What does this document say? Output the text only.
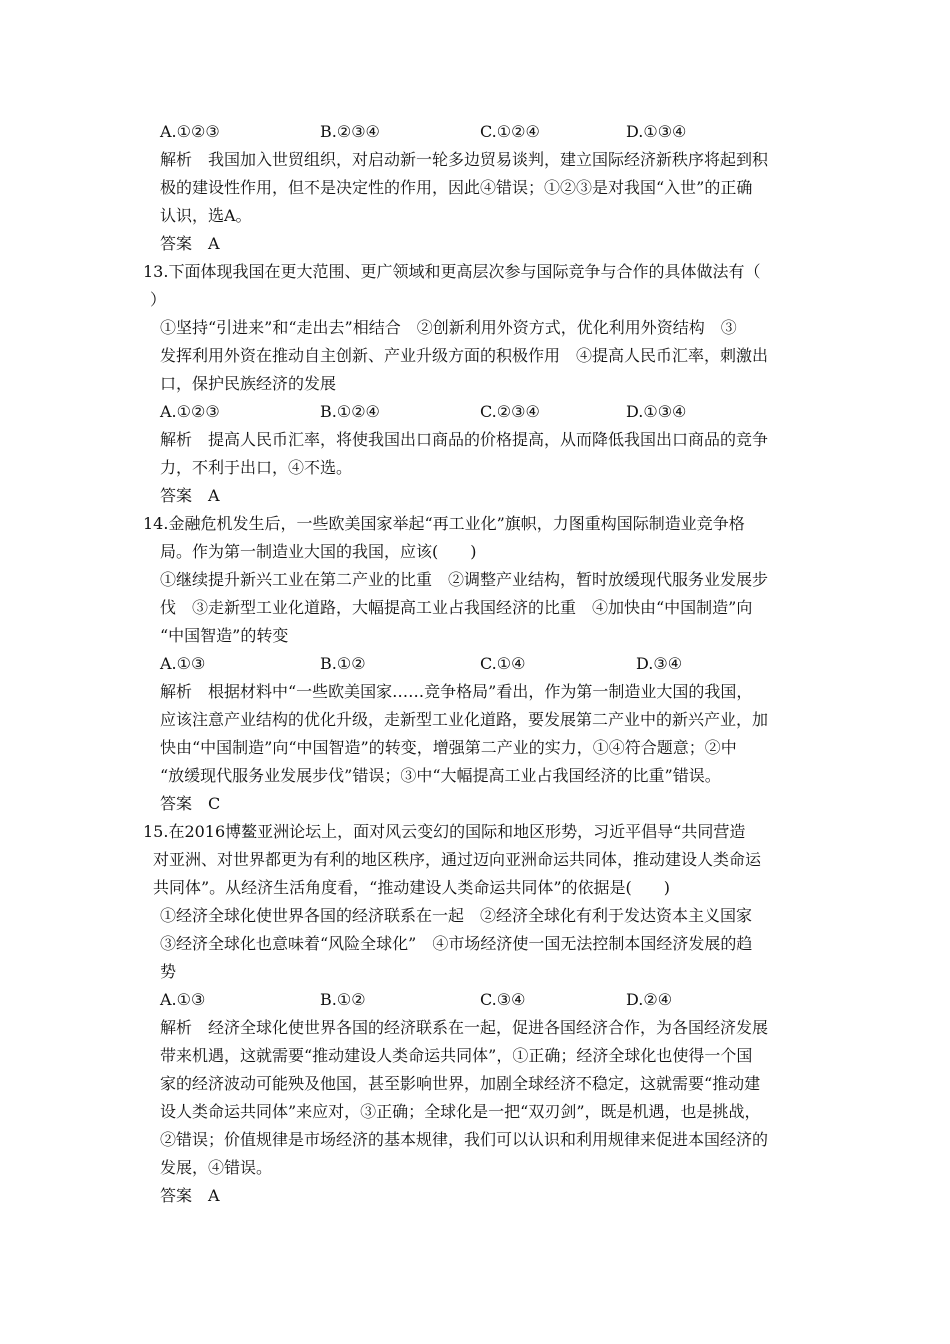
A.①②③	B.②③④	C.①②④	D.①③④
解析　我国加入世贸组织，对启动新一轮多边贸易谈判，建立国际经济新秩序将起到积
极的建设性作用，但不是决定性的作用，因此④错误；①②③是对我国“入世”的正确
认识，选A。
答案　A
13.下面体现我国在更大范围、更广领域和更高层次参与国际竞争与合作的具体做法有（
）
①坚持“引进来”和“走出去”相结合　②创新利用外资方式，优化利用外资结构　③
发挥利用外资在推动自主创新、产业升级方面的积极作用　④提高人民币汇率，刺激出
口，保护民族经济的发展
A.①②③	B.①②④	C.②③④	D.①③④
解析　提高人民币汇率，将使我国出口商品的价格提高，从而降低我国出口商品的竞争
力，不利于出口，④不选。
答案　A
14.金融危机发生后，一些欧美国家举起“再工业化”旗帜，力图重构国际制造业竞争格
局。作为第一制造业大国的我国，应该(　　)
①继续提升新兴工业在第二产业的比重　②调整产业结构，暂时放缓现代服务业发展步
伐　③走新型工业化道路，大幅提高工业占我国经济的比重　④加快由“中国制造”向
“中国智造”的转变
A.①③	B.①②	C.①④	D.③④
解析　根据材料中“一些欧美国家……竞争格局”看出，作为第一制造业大国的我国，
应该注意产业结构的优化升级，走新型工业化道路，要发展第二产业中的新兴产业，加
快由“中国制造”向“中国智造”的转变，增强第二产业的实力，①④符合题意；②中
“放缓现代服务业发展步伐”错误；③中“大幅提高工业占我国经济的比重”错误。
答案　C
15.在2016博鳌亚洲论坛上，面对风云变幻的国际和地区形势，习近平倡导“共同营造
对亚洲、对世界都更为有利的地区秩序，通过迈向亚洲命运共同体，推动建设人类命运
共同体”。从经济生活角度看，“推动建设人类命运共同体”的依据是(　　)
①经济全球化使世界各国的经济联系在一起　②经济全球化有利于发达资本主义国家
③经济全球化也意味着“风险全球化”　④市场经济使一国无法控制本国经济发展的趋
势
A.①③	B.①②	C.③④	D.②④
解析　经济全球化使世界各国的经济联系在一起，促进各国经济合作，为各国经济发展
带来机遇，这就需要“推动建设人类命运共同体”，①正确；经济全球化也使得一个国
家的经济波动可能殃及他国，甚至影响世界，加剧全球经济不稳定，这就需要“推动建
设人类命运共同体”来应对，③正确；全球化是一把“双刃剑”，既是机遇，也是挑战，
②错误；价值规律是市场经济的基本规律，我们可以认识和利用规律来促进本国经济的
发展，④错误。
答案　A
